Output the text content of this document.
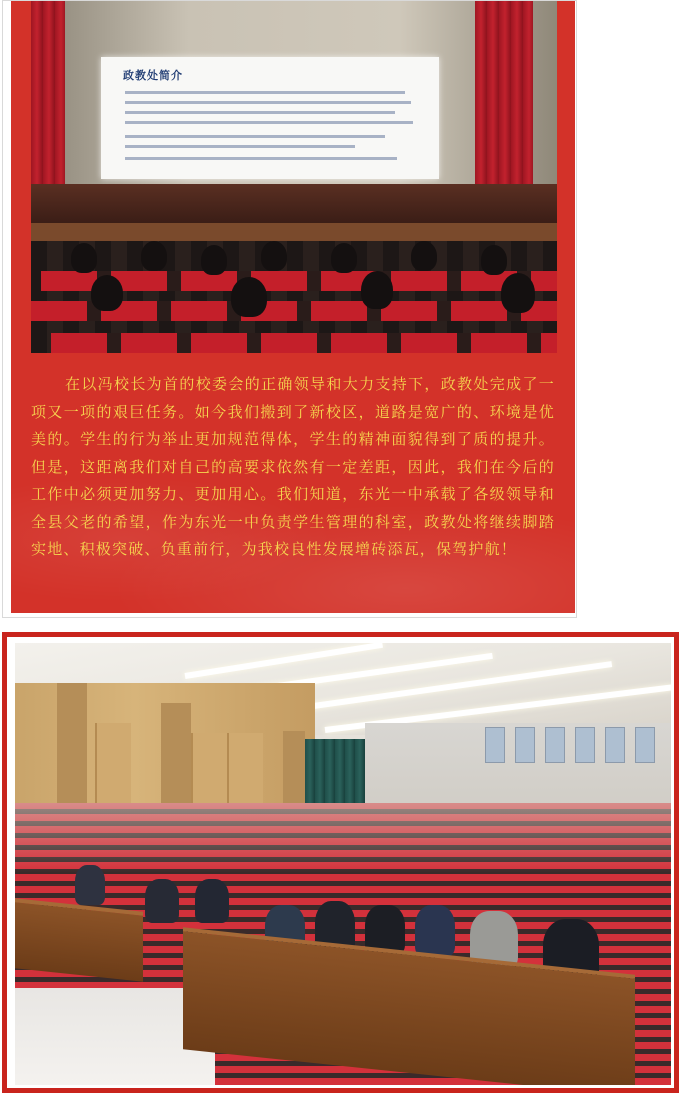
政教处简介

在以冯校长为首的校委会的正确领导和大力支持下，政教处完成了一项又一项的艰巨任务。如今我们搬到了新校区，道路是宽广的、环境是优美的。学生的行为举止更加规范得体，学生的精神面貌得到了质的提升。但是，这距离我们对自己的高要求依然有一定差距，因此，我们在今后的工作中必须更加努力、更加用心。我们知道，东光一中承载了各级领导和全县父老的希望，作为东光一中负责学生管理的科室，政教处将继续脚踏实地、积极突破、负重前行，为我校良性发展增砖添瓦，保驾护航！
